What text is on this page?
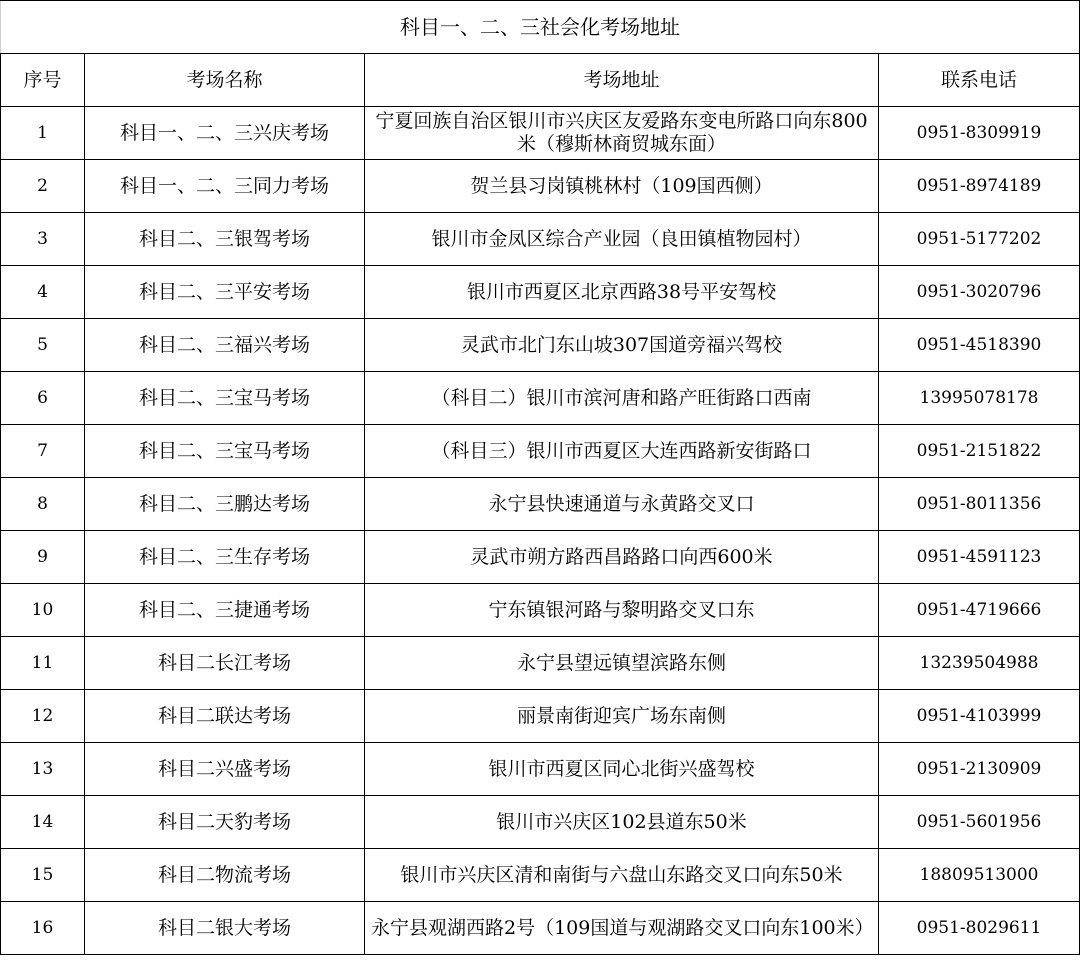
科目一、二、三社会化考场地址			
序号	考场名称	考场地址	联系电话
1	科目一、二、三兴庆考场	宁夏回族自治区银川市兴庆区友爱路东变电所路口向东800米（穆斯林商贸城东面）	0951-8309919
2	科目一、二、三同力考场	贺兰县习岗镇桃林村（109国西侧）	0951-8974189
3	科目二、三银驾考场	银川市金凤区综合产业园（良田镇植物园村）	0951-5177202
4	科目二、三平安考场	银川市西夏区北京西路38号平安驾校	0951-3020796
5	科目二、三福兴考场	灵武市北门东山坡307国道旁福兴驾校	0951-4518390
6	科目二、三宝马考场	（科目二）银川市滨河唐和路产旺街路口西南	13995078178
7	科目二、三宝马考场	（科目三）银川市西夏区大连西路新安街路口	0951-2151822
8	科目二、三鹏达考场	永宁县快速通道与永黄路交叉口	0951-8011356
9	科目二、三生存考场	灵武市朔方路西昌路路口向西600米	0951-4591123
10	科目二、三捷通考场	宁东镇银河路与黎明路交叉口东	0951-4719666
11	科目二长江考场	永宁县望远镇望滨路东侧	13239504988
12	科目二联达考场	丽景南街迎宾广场东南侧	0951-4103999
13	科目二兴盛考场	银川市西夏区同心北街兴盛驾校	0951-2130909
14	科目二天豹考场	银川市兴庆区102县道东50米	0951-5601956
15	科目二物流考场	银川市兴庆区清和南街与六盘山东路交叉口向东50米	18809513000
16	科目二银大考场	永宁县观湖西路2号（109国道与观湖路交叉口向东100米）	0951-8029611
